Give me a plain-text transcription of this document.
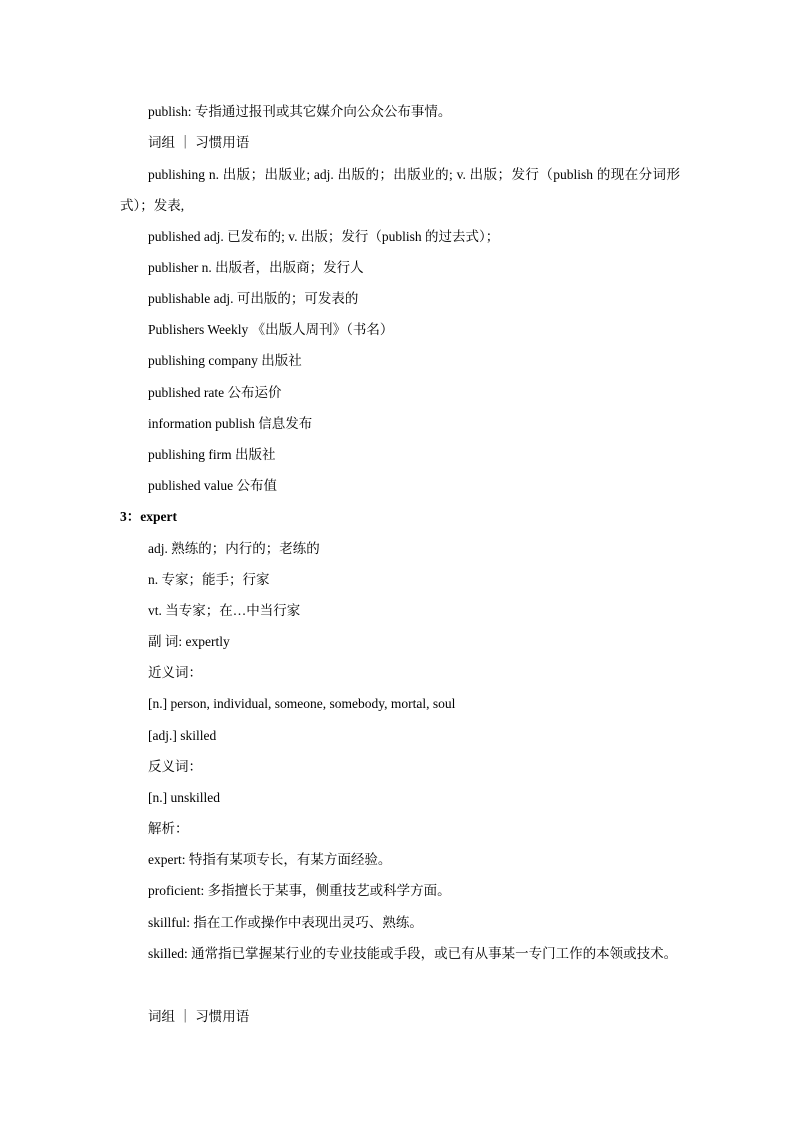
publish: 专指通过报刊或其它媒介向公众公布事情。
词组 ｜ 习惯用语
publishing n. 出版；出版业; adj. 出版的；出版业的; v. 出版；发行（publish 的现在分词形式）；发表,
published adj. 已发布的; v. 出版；发行（publish 的过去式）；
publisher n. 出版者，出版商；发行人
publishable adj. 可出版的；可发表的
Publishers Weekly 《出版人周刊》（书名）
publishing company 出版社
published rate 公布运价
information publish 信息发布
publishing firm 出版社
published value 公布值
3：expert
adj. 熟练的；内行的；老练的
n. 专家；能手；行家
vt. 当专家；在…中当行家
副 词: expertly
近义词：
[n.] person, individual, someone, somebody, mortal, soul
[adj.] skilled
反义词：
[n.] unskilled
解析：
expert: 特指有某项专长，有某方面经验。
proficient: 多指擅长于某事，侧重技艺或科学方面。
skillful: 指在工作或操作中表现出灵巧、熟练。
skilled: 通常指已掌握某行业的专业技能或手段，或已有从事某一专门工作的本领或技术。
词组 ｜ 习惯用语
